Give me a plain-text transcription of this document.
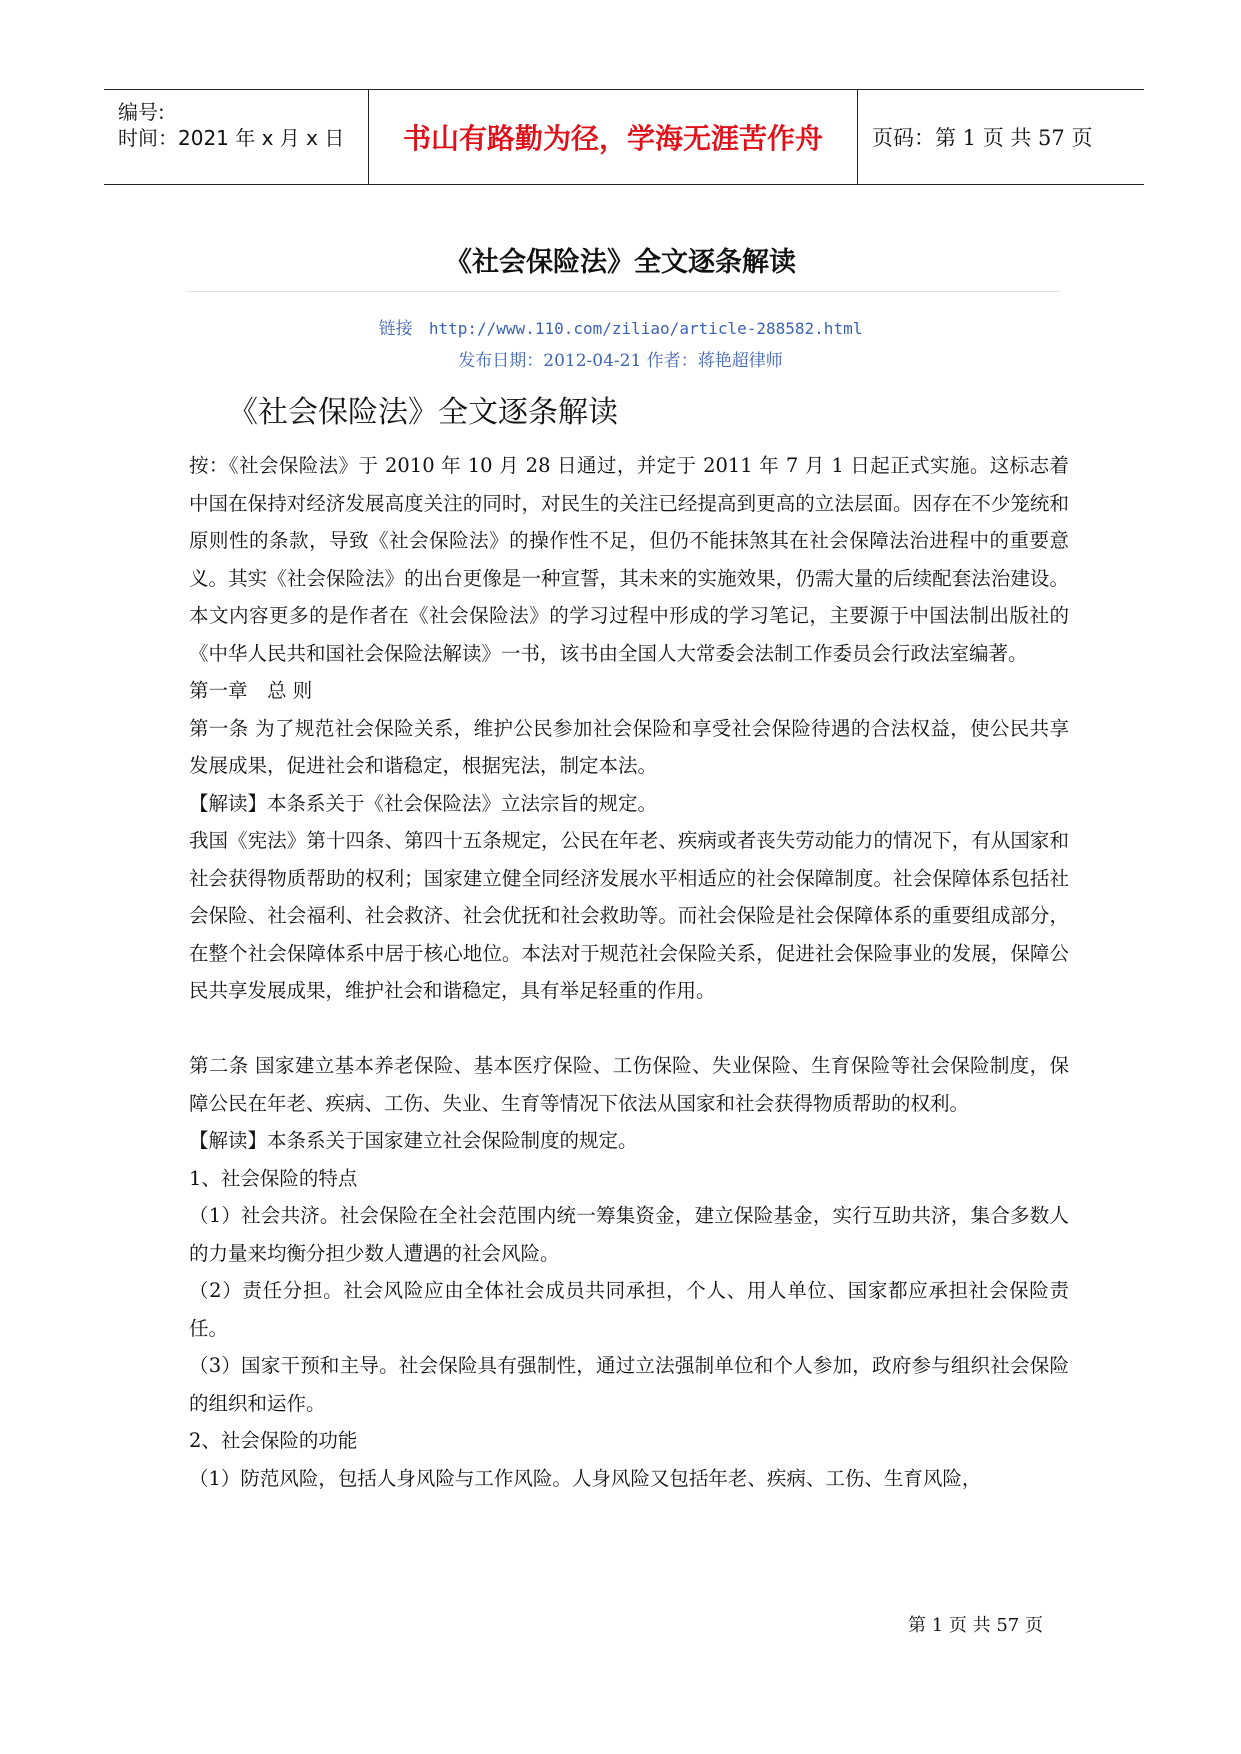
编号:
时间：2021 年 x 月 x 日	书山有路勤为径，学海无涯苦作舟	页码：第 1 页 共 57 页
《社会保险法》全文逐条解读
链接 http://www.110.com/ziliao/article-288582.html
发布日期：2012-04-21 作者：蒋艳超律师
《社会保险法》全文逐条解读

按：《社会保险法》于 2010 年 10 月 28 日通过，并定于 2011 年 7 月 1 日起正式实施。这标志着中国在保持对经济发展高度关注的同时，对民生的关注已经提高到更高的立法层面。因存在不少笼统和原则性的条款，导致《社会保险法》的操作性不足，但仍不能抹煞其在社会保障法治进程中的重要意义。其实《社会保险法》的出台更像是一种宣誓，其未来的实施效果，仍需大量的后续配套法治建设。本文内容更多的是作者在《社会保险法》的学习过程中形成的学习笔记，主要源于中国法制出版社的《中华人民共和国社会保险法解读》一书，该书由全国人大常委会法制工作委员会行政法室编著。

第一章　总 则

第一条 为了规范社会保险关系，维护公民参加社会保险和享受社会保险待遇的合法权益，使公民共享发展成果，促进社会和谐稳定，根据宪法，制定本法。

【解读】本条系关于《社会保险法》立法宗旨的规定。

我国《宪法》第十四条、第四十五条规定，公民在年老、疾病或者丧失劳动能力的情况下，有从国家和社会获得物质帮助的权利；国家建立健全同经济发展水平相适应的社会保障制度。社会保障体系包括社会保险、社会福利、社会救济、社会优抚和社会救助等。而社会保险是社会保障体系的重要组成部分，在整个社会保障体系中居于核心地位。本法对于规范社会保险关系，促进社会保险事业的发展，保障公民共享发展成果，维护社会和谐稳定，具有举足轻重的作用。

第二条 国家建立基本养老保险、基本医疗保险、工伤保险、失业保险、生育保险等社会保险制度，保障公民在年老、疾病、工伤、失业、生育等情况下依法从国家和社会获得物质帮助的权利。

【解读】本条系关于国家建立社会保险制度的规定。

1、社会保险的特点

（1）社会共济。社会保险在全社会范围内统一筹集资金，建立保险基金，实行互助共济，集合多数人的力量来均衡分担少数人遭遇的社会风险。

（2）责任分担。社会风险应由全体社会成员共同承担，个人、用人单位、国家都应承担社会保险责任。

（3）国家干预和主导。社会保险具有强制性，通过立法强制单位和个人参加，政府参与组织社会保险的组织和运作。

2、社会保险的功能

（1）防范风险，包括人身风险与工作风险。人身风险又包括年老、疾病、工伤、生育风险，

第 1 页 共 57 页
